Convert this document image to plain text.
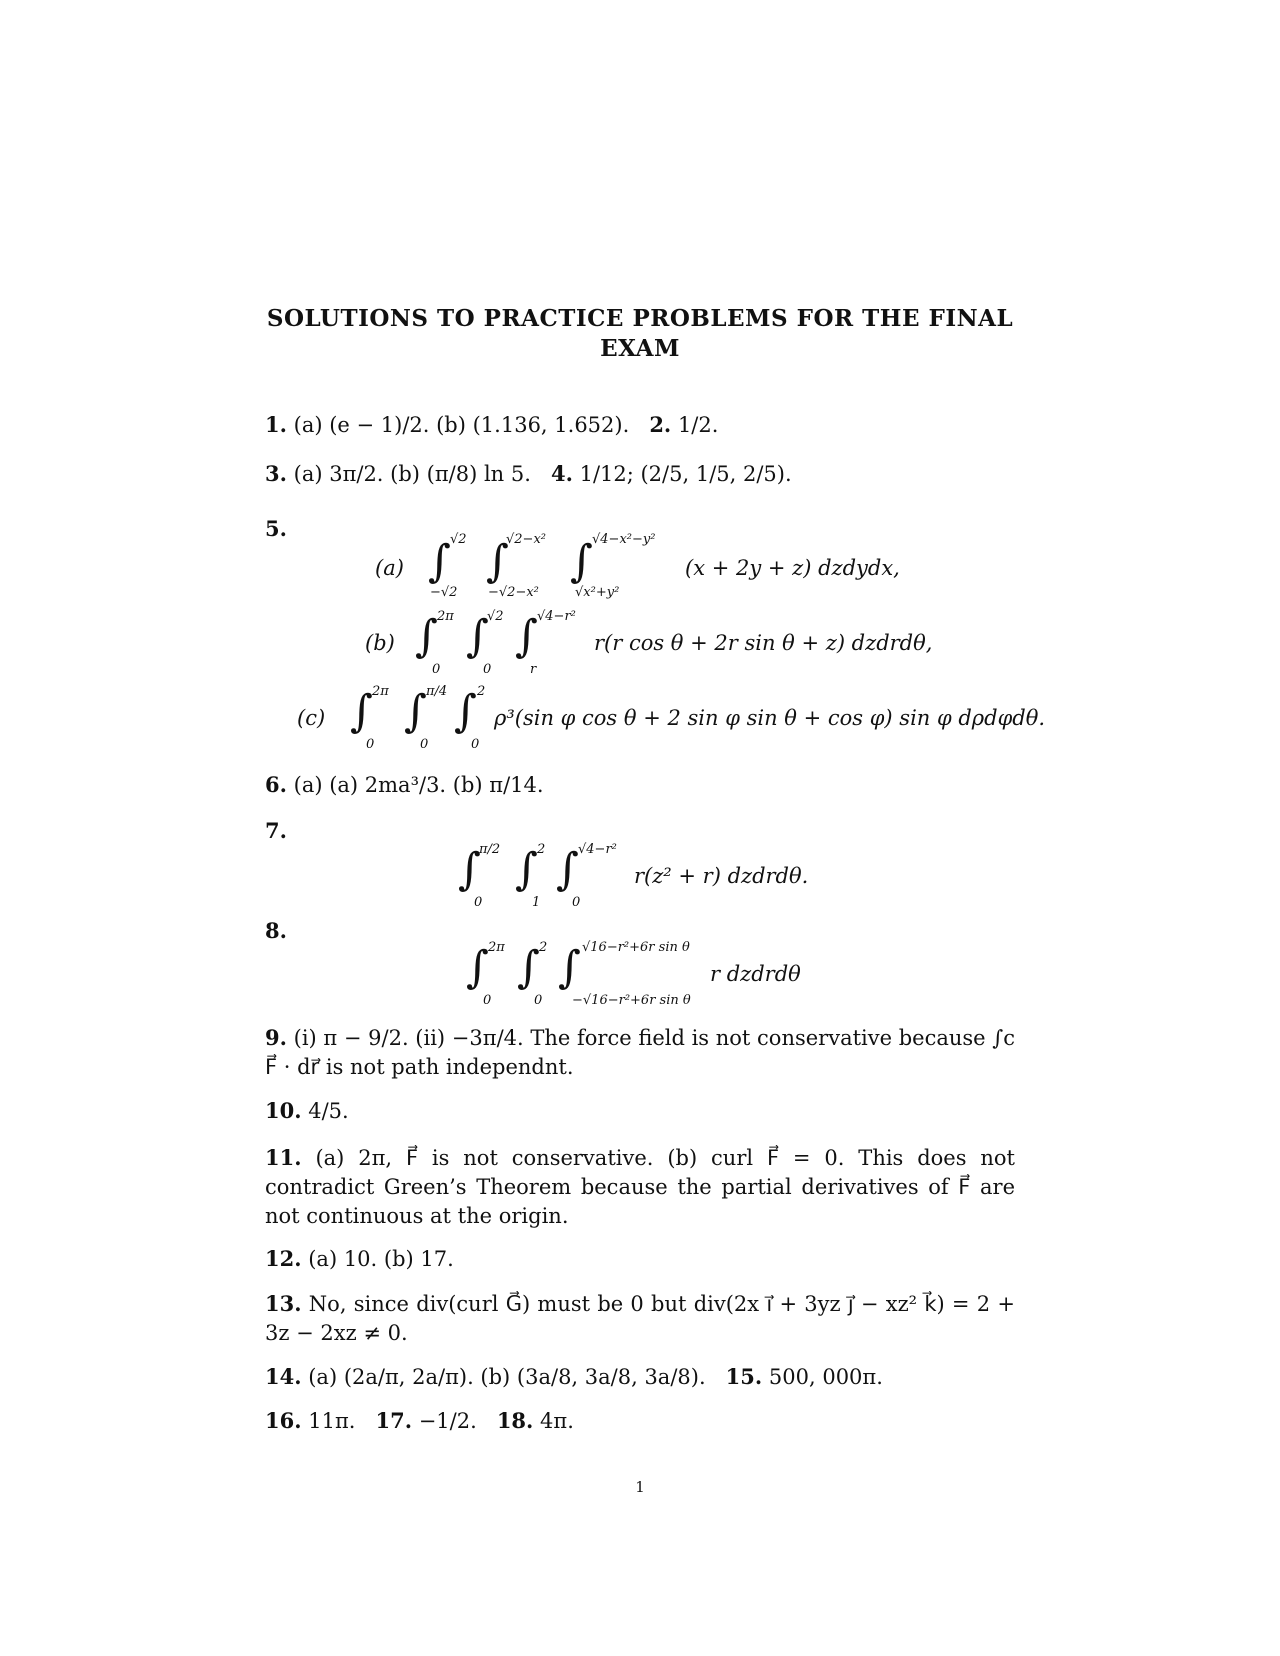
SOLUTIONS TO PRACTICE PROBLEMS FOR THE FINAL
EXAM
1. (a) (e − 1)/2. (b) (1.136, 1.652). 2. 1/2.
3. (a) 3π/2. (b) (π/8) ln 5. 4. 1/12; (2/5, 1/5, 2/5).
5.
(a) ∫ √2
−√2
∫
√2−x²
−√2−x²
∫ √4−x²−y²
√x²+y²
(x + 2y + z) dzdydx,
(b) ∫ 2π
0
∫
√2
0
∫ √4−r²
r
r(r cos θ + 2r sin θ + z) dzdrdθ,
(c) ∫ 2π
0
∫ π/4
0
∫ 2
0
ρ³(sin φ cos θ + 2 sin φ sin θ + cos φ) sin φ dρdφdθ.
6. (a) (a) 2ma³/3. (b) π/14.
7.
∫
π/2
0
∫ 2
1
∫ √4−r²
0
r(z² + r) dzdrdθ.
8.
∫ 2π
0
∫ 2
0
∫ √16−r²+6r sin θ
−√16−r²+6r sin θ
r dzdrdθ
9. (i) π − 9/2. (ii) −3π/4. The force field is not conservative because ∫c F⃗ · dr⃗ is not path independnt.
10. 4/5.
11. (a) 2π, F⃗ is not conservative. (b) curl F⃗ = 0. This does not contradict Green’s Theorem because the partial derivatives of F⃗ are not continuous at the origin.
12. (a) 10. (b) 17.
13. No, since div(curl G⃗) must be 0 but div(2x i⃗ + 3yz j⃗ − xz² k⃗) = 2 + 3z − 2xz ≠ 0.
14. (a) (2a/π, 2a/π). (b) (3a/8, 3a/8, 3a/8). 15. 500, 000π.
16. 11π. 17. −1/2. 18. 4π.
1
